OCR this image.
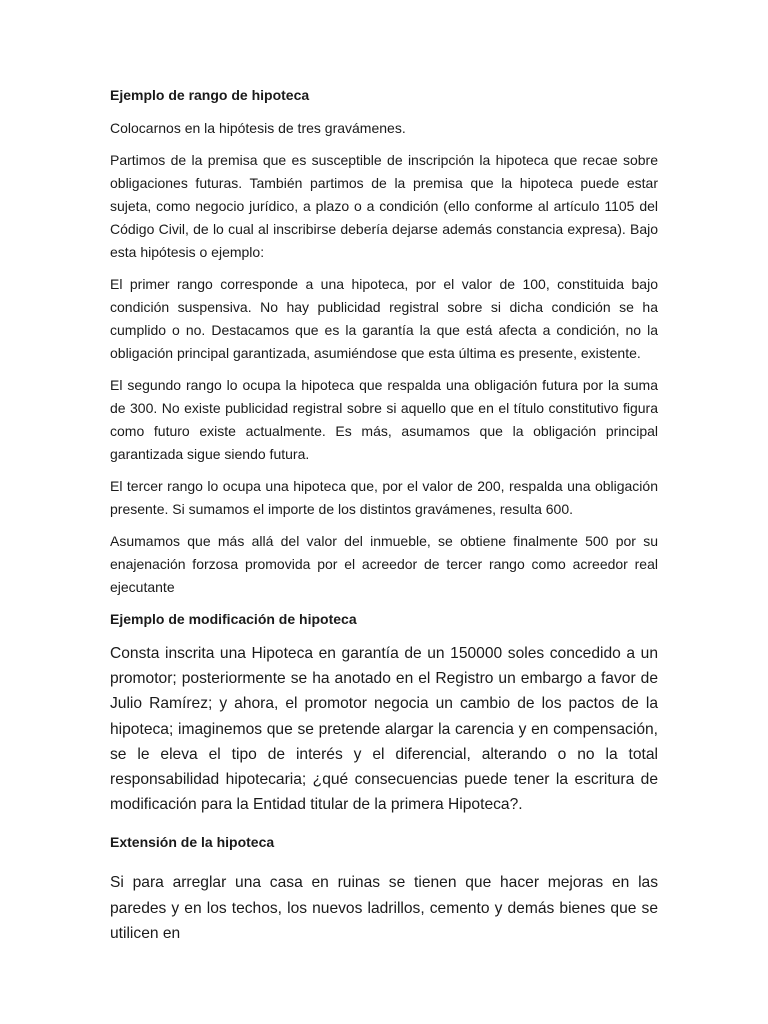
Ejemplo de rango de hipoteca

Colocarnos en la hipótesis de tres gravámenes.

Partimos de la premisa que es susceptible de inscripción la hipoteca que recae sobre obligaciones futuras. También partimos de la premisa que la hipoteca puede estar sujeta, como negocio jurídico, a plazo o a condición (ello conforme al artículo 1105 del Código Civil, de lo cual al inscribirse debería dejarse además constancia expresa). Bajo esta hipótesis o ejemplo:

El primer rango corresponde a una hipoteca, por el valor de 100, constituida bajo condición suspensiva. No hay publicidad registral sobre si dicha condición se ha cumplido o no. Destacamos que es la garantía la que está afecta a condición, no la obligación principal garantizada, asumiéndose que esta última es presente, existente.

El segundo rango lo ocupa la hipoteca que respalda una obligación futura por la suma de 300. No existe publicidad registral sobre si aquello que en el título constitutivo figura como futuro existe actualmente. Es más, asumamos que la obligación principal garantizada sigue siendo futura.

El tercer rango lo ocupa una hipoteca que, por el valor de 200, respalda una obligación presente. Si sumamos el importe de los distintos gravámenes, resulta 600.

Asumamos que más allá del valor del inmueble, se obtiene finalmente 500 por su enajenación forzosa promovida por el acreedor de tercer rango como acreedor real ejecutante

Ejemplo de modificación de hipoteca

Consta inscrita una Hipoteca en garantía de un 150000 soles concedido a un promotor; posteriormente se ha anotado en el Registro un embargo a favor de Julio Ramírez; y ahora, el promotor negocia un cambio de los pactos de la hipoteca; imaginemos que se pretende alargar la carencia y en compensación, se le eleva el tipo de interés y el diferencial, alterando o no la total responsabilidad hipotecaria; ¿qué consecuencias puede tener la escritura de modificación para la Entidad titular de la primera Hipoteca?.

Extensión de la hipoteca

Si para arreglar una casa en ruinas se tienen que hacer mejoras en las paredes y en los techos, los nuevos ladrillos, cemento y demás bienes que se utilicen en
